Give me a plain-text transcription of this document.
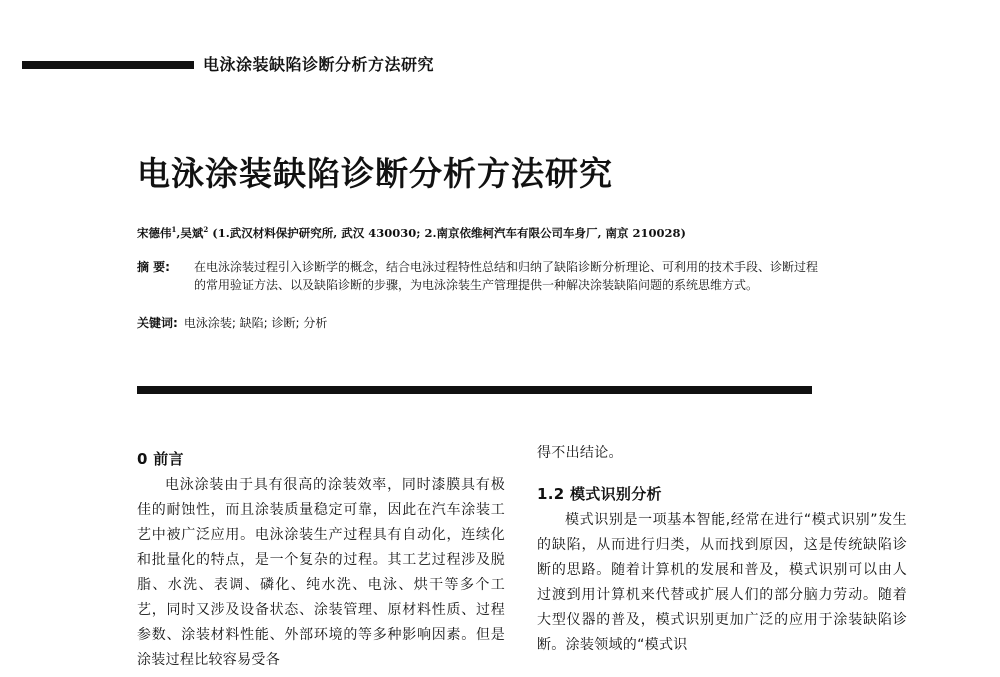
电泳涂装缺陷诊断分析方法研究
电泳涂装缺陷诊断分析方法研究
宋德伟$^1$,吴斌$^2$ (1.武汉材料保护研究所, 武汉 430030; 2.南京依维柯汽车有限公司车身厂, 南京 210028)
摘 要: 在电泳涂装过程引入诊断学的概念，结合电泳过程特性总结和归纳了缺陷诊断分析理论、可利用的技术手段、诊断过程的常用验证方法、以及缺陷诊断的步骤，为电泳涂装生产管理提供一种解决涂装缺陷问题的系统思维方式。
关键词: 电泳涂装; 缺陷; 诊断; 分析
0 前言

电泳涂装由于具有很高的涂装效率，同时漆膜具有极佳的耐蚀性，而且涂装质量稳定可靠，因此在汽车涂装工艺中被广泛应用。电泳涂装生产过程具有自动化，连续化和批量化的特点，是一个复杂的过程。其工艺过程涉及脱脂、水洗、表调、磷化、纯水洗、电泳、烘干等多个工艺，同时又涉及设备状态、涂装管理、原材料性质、过程参数、涂装材料性能、外部环境的等多种影响因素。但是涂装过程比较容易受各

得不出结论。

1.2 模式识别分析

模式识别是一项基本智能,经常在进行“模式识别”发生的缺陷，从而进行归类，从而找到原因，这是传统缺陷诊断的思路。随着计算机的发展和普及，模式识别可以由人过渡到用计算机来代替或扩展人们的部分脑力劳动。随着大型仪器的普及，模式识别更加广泛的应用于涂装缺陷诊断。涂装领域的“模式识
